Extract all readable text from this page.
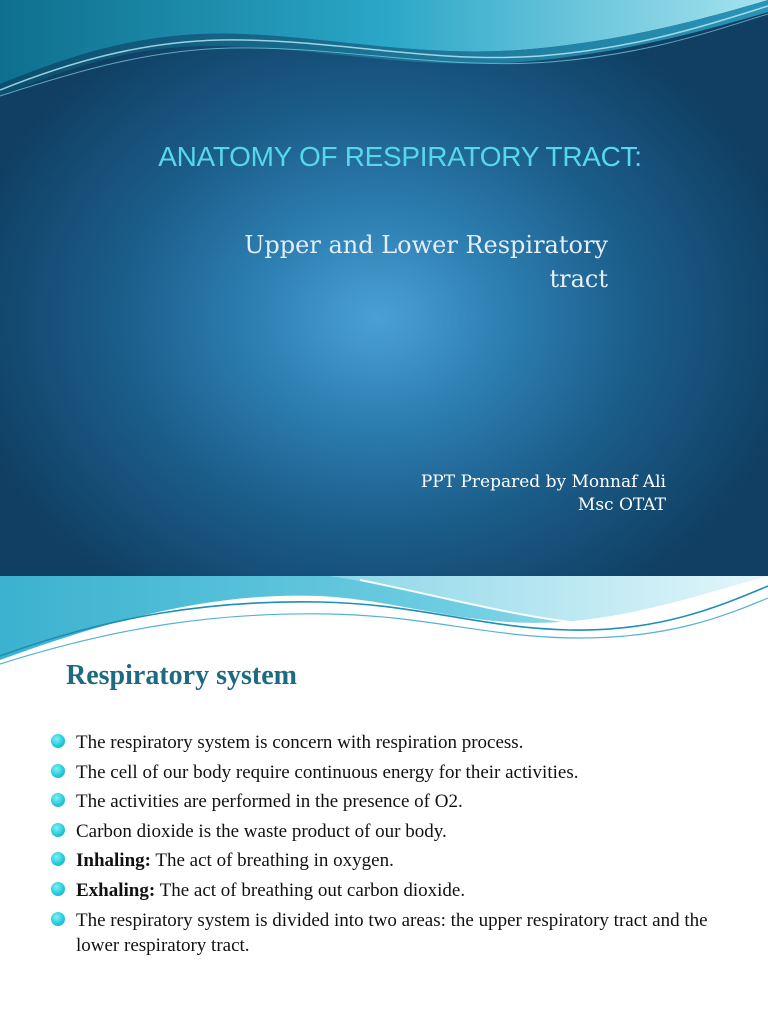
ANATOMY OF RESPIRATORY TRACT:
Upper and Lower Respiratory
tract
PPT Prepared by Monnaf Ali
Msc OTAT
Respiratory system
The respiratory system is concern with respiration process.
The cell of our body require continuous energy for their activities.
The activities are performed in the presence of O2.
Carbon dioxide is the waste product of our body.
Inhaling: The act of breathing in oxygen.
Exhaling: The act of breathing out carbon dioxide.
The respiratory system is divided into two areas: the upper respiratory tract and the lower respiratory tract.
